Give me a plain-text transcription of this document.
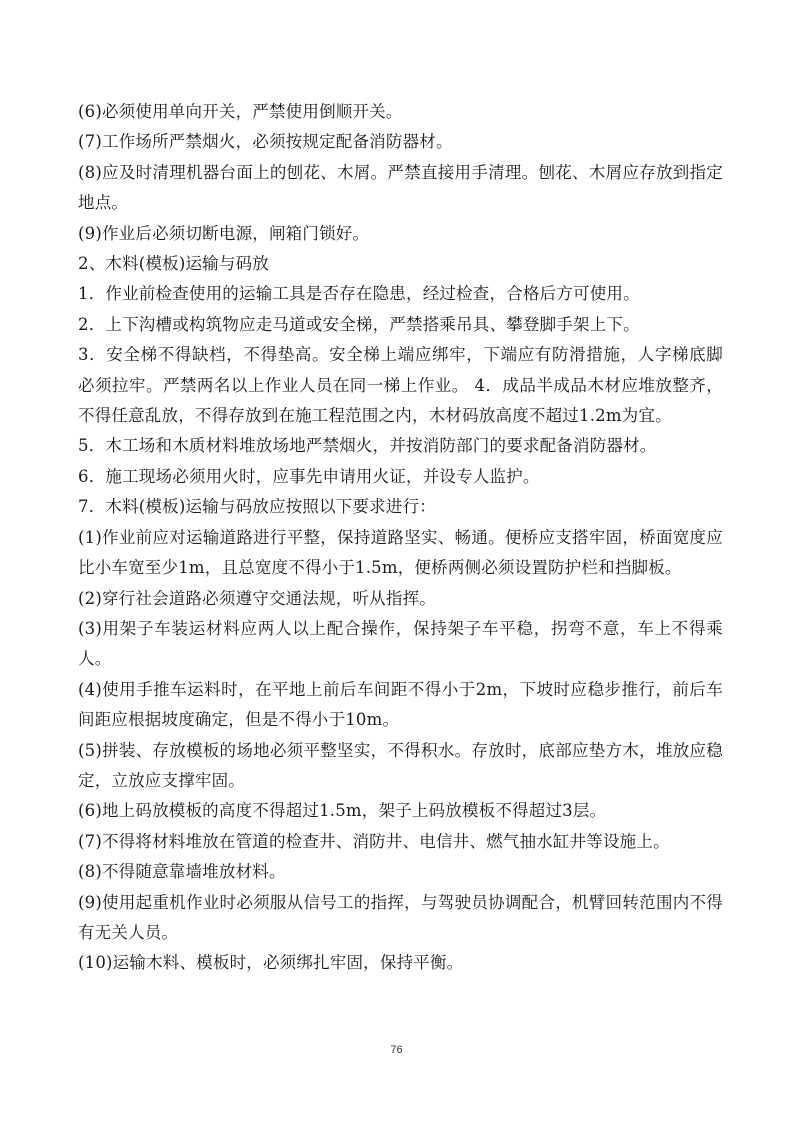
(6)必须使用单向开关，严禁使用倒顺开关。

(7)工作场所严禁烟火，必须按规定配备消防器材。

(8)应及时清理机器台面上的刨花、木屑。严禁直接用手清理。刨花、木屑应存放到指定地点。

(9)作业后必须切断电源，闸箱门锁好。

2、木料(模板)运输与码放

1．作业前检查使用的运输工具是否存在隐患，经过检查，合格后方可使用。

2．上下沟槽或构筑物应走马道或安全梯，严禁搭乘吊具、攀登脚手架上下。

3．安全梯不得缺档，不得垫高。安全梯上端应绑牢，下端应有防滑措施，人字梯底脚必须拉牢。严禁两名以上作业人员在同一梯上作业。 4．成品半成品木材应堆放整齐，不得任意乱放，不得存放到在施工程范围之内，木材码放高度不超过1.2m为宜。

5．木工场和木质材料堆放场地严禁烟火，并按消防部门的要求配备消防器材。

6．施工现场必须用火时，应事先申请用火证，并设专人监护。

7．木料(模板)运输与码放应按照以下要求进行：

(1)作业前应对运输道路进行平整，保持道路坚实、畅通。便桥应支搭牢固，桥面宽度应比小车宽至少1m，且总宽度不得小于1.5m，便桥两侧必须设置防护栏和挡脚板。

(2)穿行社会道路必须遵守交通法规，听从指挥。

(3)用架子车装运材料应两人以上配合操作，保持架子车平稳，拐弯不意，车上不得乘人。

(4)使用手推车运料时，在平地上前后车间距不得小于2m，下坡时应稳步推行，前后车间距应根据坡度确定，但是不得小于10m。

(5)拼装、存放模板的场地必须平整坚实，不得积水。存放时，底部应垫方木，堆放应稳定，立放应支撑牢固。

(6)地上码放模板的高度不得超过1.5m，架子上码放模板不得超过3层。

(7)不得将材料堆放在管道的检查井、消防井、电信井、燃气抽水缸井等设施上。

(8)不得随意靠墙堆放材料。

(9)使用起重机作业时必须服从信号工的指挥，与驾驶员协调配合，机臂回转范围内不得有无关人员。

(10)运输木料、模板时，必须绑扎牢固，保持平衡。

76
